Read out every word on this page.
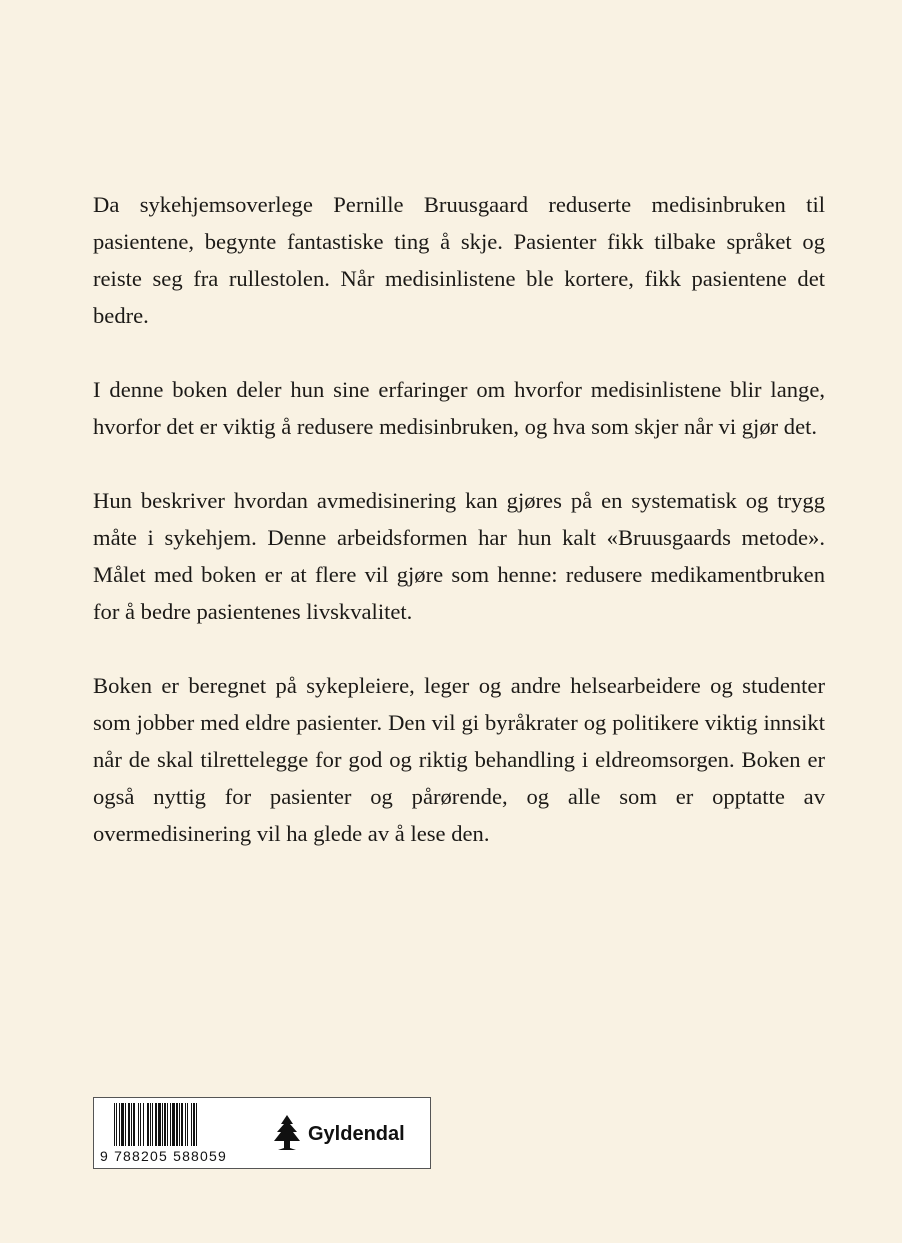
Da sykehjemsoverlege Pernille Bruusgaard reduserte medisinbruken til pasientene, begynte fantastiske ting å skje. Pasienter fikk tilbake språket og reiste seg fra rullestolen. Når medisinlistene ble kortere, fikk pasientene det bedre.

I denne boken deler hun sine erfaringer om hvorfor medisinlistene blir lange, hvorfor det er viktig å redusere medisinbruken, og hva som skjer når vi gjør det.

Hun beskriver hvordan avmedisinering kan gjøres på en systematisk og trygg måte i sykehjem. Denne arbeidsformen har hun kalt «Bruusgaards metode». Målet med boken er at flere vil gjøre som henne: redusere medikamentbruken for å bedre pasientenes livskvalitet.

Boken er beregnet på sykepleiere, leger og andre helsearbeidere og studenter som jobber med eldre pasienter. Den vil gi byråkrater og politikere viktig innsikt når de skal tilrettelegge for god og riktig behandling i eldreomsorgen. Boken er også nyttig for pasienter og pårørende, og alle som er opptatte av overmedisinering vil ha glede av å lese den.

9 788205 588059
Gyldendal
